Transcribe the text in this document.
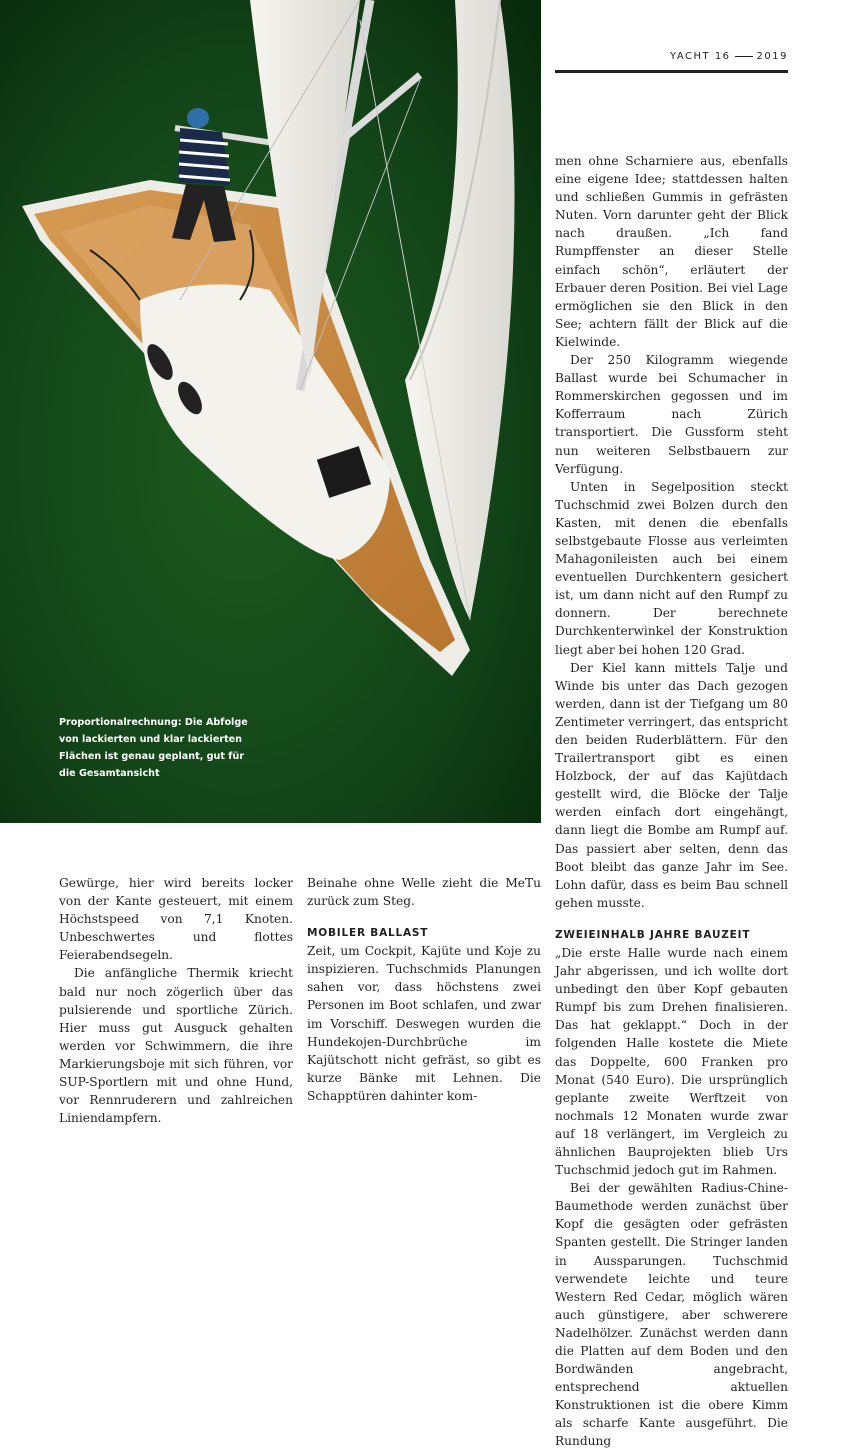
Proportionalrechnung: Die Abfolge von lackierten und klar lackierten Flächen ist genau geplant, gut für die Gesamtansicht
YACHT 16	2019

men ohne Scharniere aus, ebenfalls eine eigene Idee; stattdessen halten und schließen Gummis in gefrästen Nuten. Vorn darunter geht der Blick nach draußen. „Ich fand Rumpffenster an dieser Stelle einfach schön“, erläutert der Erbauer deren Position. Bei viel Lage ermöglichen sie den Blick in den See; achtern fällt der Blick auf die Kielwinde.

Der 250 Kilogramm wiegende Ballast wurde bei Schumacher in Rommerskirchen gegossen und im Kofferraum nach Zürich transportiert. Die Gussform steht nun weiteren Selbstbauern zur Verfügung.

Unten in Segelposition steckt Tuchschmid zwei Bolzen durch den Kasten, mit denen die ebenfalls selbstgebaute Flosse aus verleimten Mahagonileisten auch bei einem eventuellen Durchkentern gesichert ist, um dann nicht auf den Rumpf zu donnern. Der berechnete Durchkenterwinkel der Konstruktion liegt aber bei hohen 120 Grad.

Der Kiel kann mittels Talje und Winde bis unter das Dach gezogen werden, dann ist der Tiefgang um 80 Zentimeter verringert, das entspricht den beiden Ruderblättern. Für den Trailertransport gibt es einen Holzbock, der auf das Kajütdach gestellt wird, die Blöcke der Talje werden einfach dort eingehängt, dann liegt die Bombe am Rumpf auf. Das passiert aber selten, denn das Boot bleibt das ganze Jahr im See. Lohn dafür, dass es beim Bau schnell gehen musste.

ZWEIEINHALB JAHRE BAUZEIT

„Die erste Halle wurde nach einem Jahr abgerissen, und ich wollte dort unbedingt den über Kopf gebauten Rumpf bis zum Drehen finalisieren. Das hat geklappt.“ Doch in der folgenden Halle kostete die Miete das Doppelte, 600 Franken pro Monat (540 Euro). Die ursprünglich geplante zweite Werftzeit von nochmals 12 Monaten wurde zwar auf 18 verlängert, im Vergleich zu ähnlichen Bauprojekten blieb Urs Tuchschmid jedoch gut im Rahmen.

Bei der gewählten Radius-Chine-Baumethode werden zunächst über Kopf die gesägten oder gefrästen Spanten gestellt. Die Stringer landen in Aussparungen. Tuchschmid verwendete leichte und teure Western Red Cedar, möglich wären auch günstigere, aber schwerere Nadelhölzer. Zunächst werden dann die Platten auf dem Boden und den Bordwänden angebracht, entsprechend aktuellen Konstruktionen ist die obere Kimm als scharfe Kante ausgeführt. Die Rundung

Gewürge, hier wird bereits locker von der Kante gesteuert, mit einem Höchstspeed von 7,1 Knoten. Unbeschwertes und flottes Feierabendsegeln.

Die anfängliche Thermik kriecht bald nur noch zögerlich über das pulsierende und sportliche Zürich. Hier muss gut Ausguck gehalten werden vor Schwimmern, die ihre Markierungsboje mit sich führen, vor SUP-Sportlern mit und ohne Hund, vor Rennruderern und zahlreichen Liniendampfern.

Beinahe ohne Welle zieht die MeTu zurück zum Steg.

MOBILER BALLAST

Zeit, um Cockpit, Kajüte und Koje zu inspizieren. Tuchschmids Planungen sahen vor, dass höchstens zwei Personen im Boot schlafen, und zwar im Vorschiff. Deswegen wurden die Hundekojen-Durchbrüche im Kajütschott nicht gefräst, so gibt es kurze Bänke mit Lehnen. Die Schapptüren dahinter kom-
